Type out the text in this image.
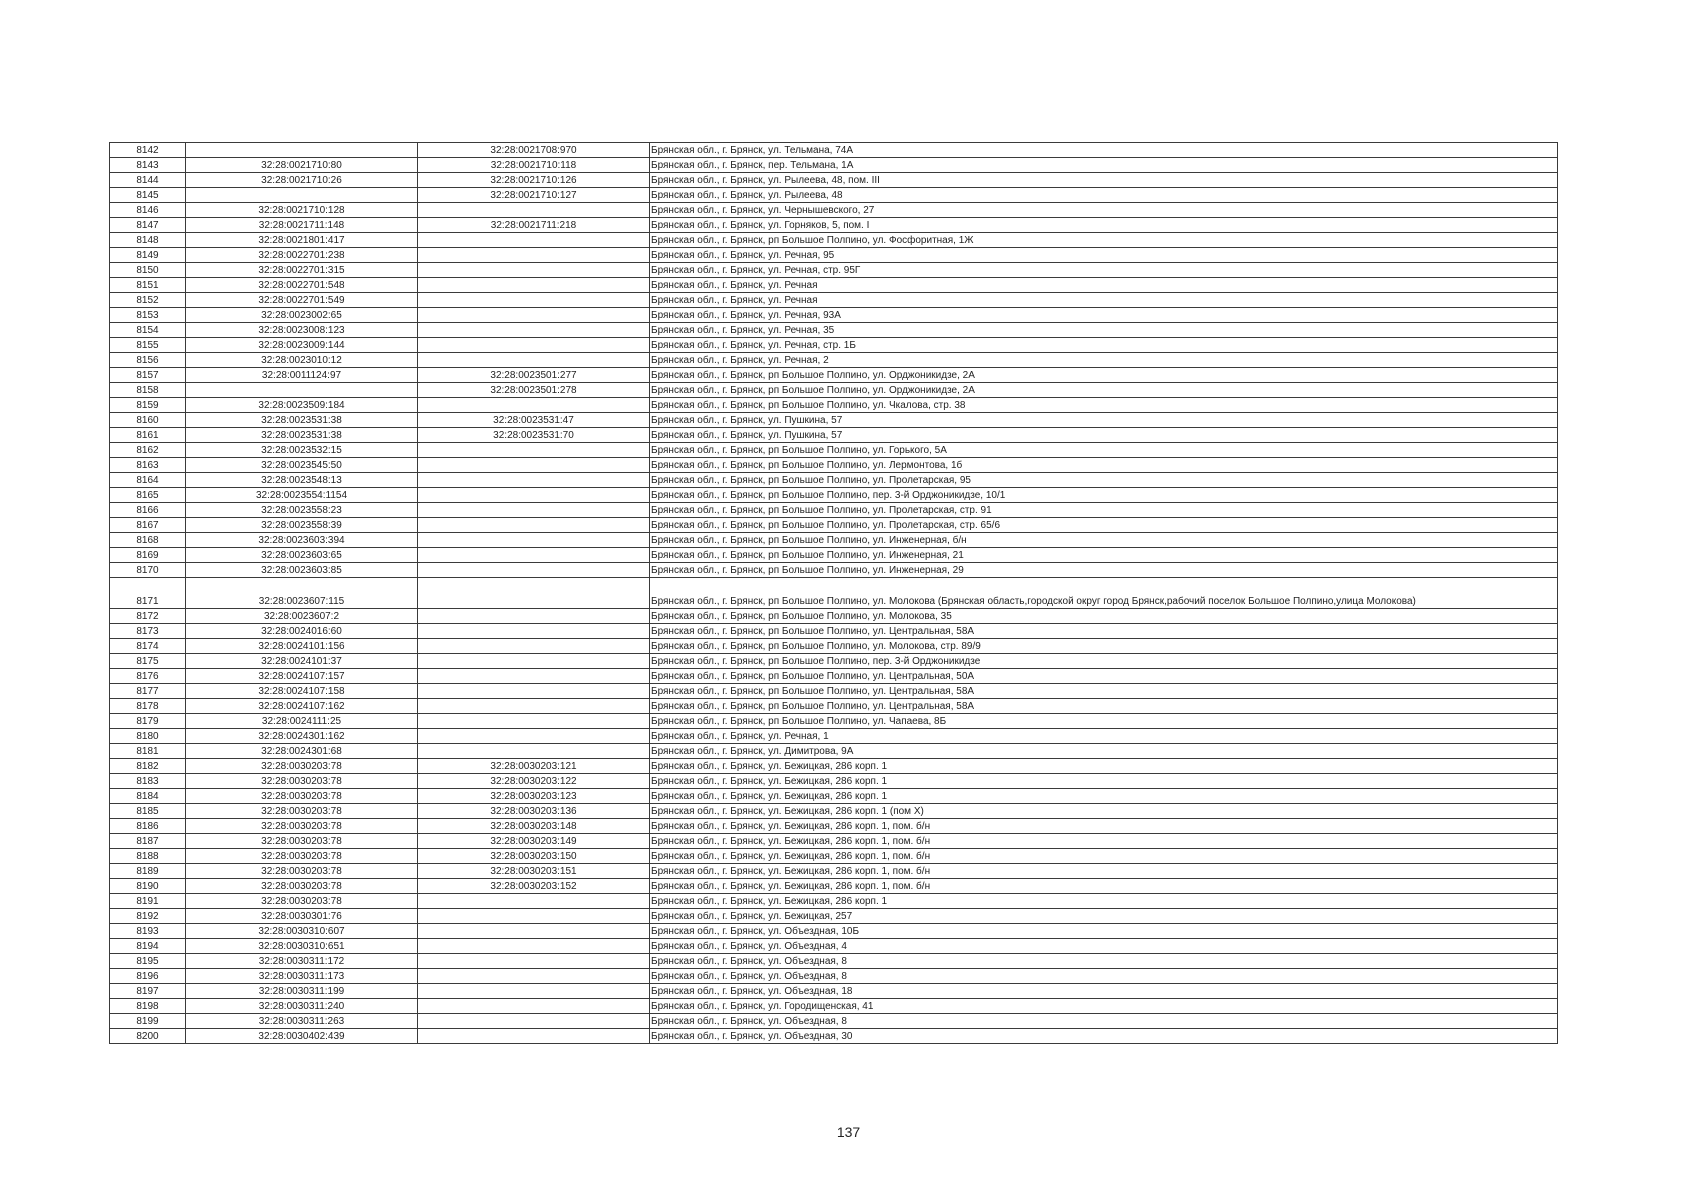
8142		32:28:0021708:970	Брянская обл., г. Брянск, ул. Тельмана, 74А
8143	32:28:0021710:80	32:28:0021710:118	Брянская обл., г. Брянск, пер. Тельмана, 1А
8144	32:28:0021710:26	32:28:0021710:126	Брянская обл., г. Брянск, ул. Рылеева, 48, пом. III
8145		32:28:0021710:127	Брянская обл., г. Брянск, ул. Рылеева, 48
8146	32:28:0021710:128		Брянская обл., г. Брянск, ул. Чернышевского, 27
8147	32:28:0021711:148	32:28:0021711:218	Брянская обл., г. Брянск, ул. Горняков, 5, пом. I
8148	32:28:0021801:417		Брянская обл., г. Брянск, рп Большое Полпино, ул. Фосфоритная, 1Ж
8149	32:28:0022701:238		Брянская обл., г. Брянск, ул. Речная, 95
8150	32:28:0022701:315		Брянская обл., г. Брянск, ул. Речная, стр. 95Г
8151	32:28:0022701:548		Брянская обл., г. Брянск, ул. Речная
8152	32:28:0022701:549		Брянская обл., г. Брянск, ул. Речная
8153	32:28:0023002:65		Брянская обл., г. Брянск, ул. Речная, 93А
8154	32:28:0023008:123		Брянская обл., г. Брянск, ул. Речная, 35
8155	32:28:0023009:144		Брянская обл., г. Брянск, ул. Речная, стр. 1Б
8156	32:28:0023010:12		Брянская обл., г. Брянск, ул. Речная, 2
8157	32:28:0011124:97	32:28:0023501:277	Брянская обл., г. Брянск, рп Большое Полпино, ул. Орджоникидзе, 2А
8158		32:28:0023501:278	Брянская обл., г. Брянск, рп Большое Полпино, ул. Орджоникидзе, 2А
8159	32:28:0023509:184		Брянская обл., г. Брянск, рп Большое Полпино, ул. Чкалова, стр. 38
8160	32:28:0023531:38	32:28:0023531:47	Брянская обл., г. Брянск, ул. Пушкина, 57
8161	32:28:0023531:38	32:28:0023531:70	Брянская обл., г. Брянск, ул. Пушкина, 57
8162	32:28:0023532:15		Брянская обл., г. Брянск, рп Большое Полпино, ул. Горького, 5А
8163	32:28:0023545:50		Брянская обл., г. Брянск, рп Большое Полпино, ул. Лермонтова, 1б
8164	32:28:0023548:13		Брянская обл., г. Брянск, рп Большое Полпино, ул. Пролетарская, 95
8165	32:28:0023554:1154		Брянская обл., г. Брянск, рп Большое Полпино, пер. 3-й Орджоникидзе, 10/1
8166	32:28:0023558:23		Брянская обл., г. Брянск, рп Большое Полпино, ул. Пролетарская, стр. 91
8167	32:28:0023558:39		Брянская обл., г. Брянск, рп Большое Полпино, ул. Пролетарская, стр. 65/6
8168	32:28:0023603:394		Брянская обл., г. Брянск, рп Большое Полпино, ул. Инженерная, б/н
8169	32:28:0023603:65		Брянская обл., г. Брянск, рп Большое Полпино, ул. Инженерная, 21
8170	32:28:0023603:85		Брянская обл., г. Брянск, рп Большое Полпино, ул. Инженерная, 29
8171	32:28:0023607:115		Брянская обл., г. Брянск, рп Большое Полпино, ул. Молокова (Брянская область,городской округ город Брянск,рабочий поселок Большое Полпино,улица Молокова)
8172	32:28:0023607:2		Брянская обл., г. Брянск, рп Большое Полпино, ул. Молокова, 35
8173	32:28:0024016:60		Брянская обл., г. Брянск, рп Большое Полпино, ул. Центральная, 58А
8174	32:28:0024101:156		Брянская обл., г. Брянск, рп Большое Полпино, ул. Молокова, стр. 89/9
8175	32:28:0024101:37		Брянская обл., г. Брянск, рп Большое Полпино, пер. 3-й Орджоникидзе
8176	32:28:0024107:157		Брянская обл., г. Брянск, рп Большое Полпино, ул. Центральная, 50А
8177	32:28:0024107:158		Брянская обл., г. Брянск, рп Большое Полпино, ул. Центральная, 58А
8178	32:28:0024107:162		Брянская обл., г. Брянск, рп Большое Полпино, ул. Центральная, 58А
8179	32:28:0024111:25		Брянская обл., г. Брянск, рп Большое Полпино, ул. Чапаева, 8Б
8180	32:28:0024301:162		Брянская обл., г. Брянск, ул. Речная, 1
8181	32:28:0024301:68		Брянская обл., г. Брянск, ул. Димитрова, 9А
8182	32:28:0030203:78	32:28:0030203:121	Брянская обл., г. Брянск, ул. Бежицкая, 286 корп. 1
8183	32:28:0030203:78	32:28:0030203:122	Брянская обл., г. Брянск, ул. Бежицкая, 286 корп. 1
8184	32:28:0030203:78	32:28:0030203:123	Брянская обл., г. Брянск, ул. Бежицкая, 286 корп. 1
8185	32:28:0030203:78	32:28:0030203:136	Брянская обл., г. Брянск, ул. Бежицкая, 286 корп. 1 (пом X)
8186	32:28:0030203:78	32:28:0030203:148	Брянская обл., г. Брянск, ул. Бежицкая, 286 корп. 1, пом. б/н
8187	32:28:0030203:78	32:28:0030203:149	Брянская обл., г. Брянск, ул. Бежицкая, 286 корп. 1, пом. б/н
8188	32:28:0030203:78	32:28:0030203:150	Брянская обл., г. Брянск, ул. Бежицкая, 286 корп. 1, пом. б/н
8189	32:28:0030203:78	32:28:0030203:151	Брянская обл., г. Брянск, ул. Бежицкая, 286 корп. 1, пом. б/н
8190	32:28:0030203:78	32:28:0030203:152	Брянская обл., г. Брянск, ул. Бежицкая, 286 корп. 1, пом. б/н
8191	32:28:0030203:78		Брянская обл., г. Брянск, ул. Бежицкая, 286 корп. 1
8192	32:28:0030301:76		Брянская обл., г. Брянск, ул. Бежицкая, 257
8193	32:28:0030310:607		Брянская обл., г. Брянск, ул. Объездная, 10Б
8194	32:28:0030310:651		Брянская обл., г. Брянск, ул. Объездная, 4
8195	32:28:0030311:172		Брянская обл., г. Брянск, ул. Объездная, 8
8196	32:28:0030311:173		Брянская обл., г. Брянск, ул. Объездная, 8
8197	32:28:0030311:199		Брянская обл., г. Брянск, ул. Объездная, 18
8198	32:28:0030311:240		Брянская обл., г. Брянск, ул. Городищенская, 41
8199	32:28:0030311:263		Брянская обл., г. Брянск, ул. Объездная, 8
8200	32:28:0030402:439		Брянская обл., г. Брянск, ул. Объездная, 30
137
